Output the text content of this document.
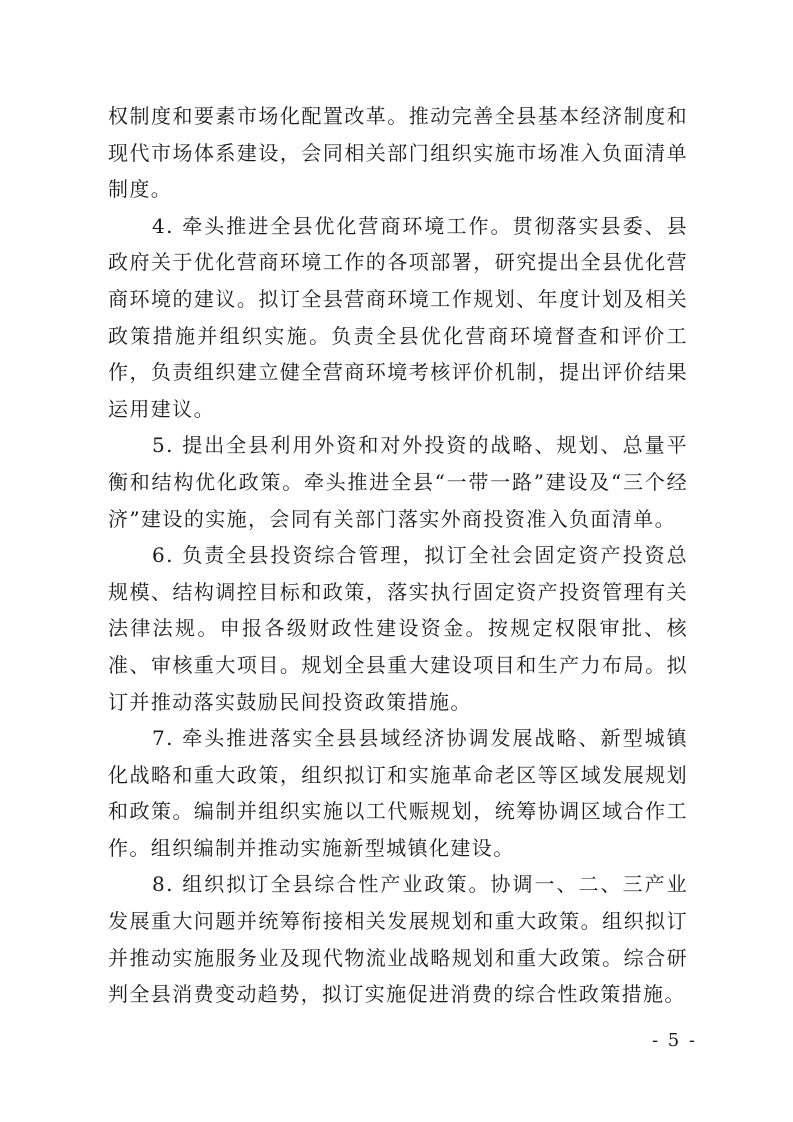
权制度和要素市场化配置改革。推动完善全县基本经济制度和现代市场体系建设，会同相关部门组织实施市场准入负面清单制度。

4. 牵头推进全县优化营商环境工作。贯彻落实县委、县政府关于优化营商环境工作的各项部署，研究提出全县优化营商环境的建议。拟订全县营商环境工作规划、年度计划及相关政策措施并组织实施。负责全县优化营商环境督查和评价工作，负责组织建立健全营商环境考核评价机制，提出评价结果运用建议。

5. 提出全县利用外资和对外投资的战略、规划、总量平衡和结构优化政策。牵头推进全县“一带一路”建设及“三个经济”建设的实施，会同有关部门落实外商投资准入负面清单。

6. 负责全县投资综合管理，拟订全社会固定资产投资总规模、结构调控目标和政策，落实执行固定资产投资管理有关法律法规。申报各级财政性建设资金。按规定权限审批、核准、审核重大项目。规划全县重大建设项目和生产力布局。拟订并推动落实鼓励民间投资政策措施。

7. 牵头推进落实全县县域经济协调发展战略、新型城镇化战略和重大政策，组织拟订和实施革命老区等区域发展规划和政策。编制并组织实施以工代赈规划，统筹协调区域合作工作。组织编制并推动实施新型城镇化建设。

8. 组织拟订全县综合性产业政策。协调一、二、三产业发展重大问题并统筹衔接相关发展规划和重大政策。组织拟订并推动实施服务业及现代物流业战略规划和重大政策。综合研判全县消费变动趋势，拟订实施促进消费的综合性政策措施。

- 5 -
